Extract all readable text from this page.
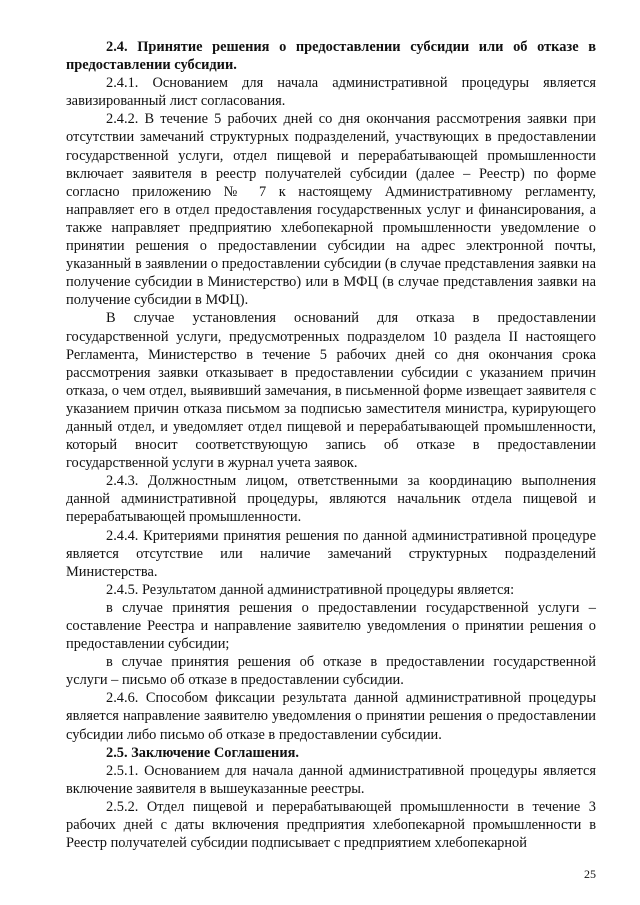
2.4. Принятие решения о предоставлении субсидии или об отказе в предоставлении субсидии.

2.4.1. Основанием для начала административной процедуры является завизированный лист согласования.

2.4.2. В течение 5 рабочих дней со дня окончания рассмотрения заявки при отсутствии замечаний структурных подразделений, участвующих в предоставлении государственной услуги, отдел пищевой и перерабатывающей промышленности включает заявителя в реестр получателей субсидии (далее – Реестр) по форме согласно приложению № 7 к настоящему Административному регламенту, направляет его в отдел предоставления государственных услуг и финансирования, а также направляет предприятию хлебопекарной промышленности уведомление о принятии решения о предоставлении субсидии на адрес электронной почты, указанный в заявлении о предоставлении субсидии (в случае представления заявки на получение субсидии в Министерство) или в МФЦ (в случае представления заявки на получение субсидии в МФЦ).

В случае установления оснований для отказа в предоставлении государственной услуги, предусмотренных подразделом 10 раздела II настоящего Регламента, Министерство в течение 5 рабочих дней со дня окончания срока рассмотрения заявки отказывает в предоставлении субсидии с указанием причин отказа, о чем отдел, выявивший замечания, в письменной форме извещает заявителя с указанием причин отказа письмом за подписью заместителя министра, курирующего данный отдел, и уведомляет отдел пищевой и перерабатывающей промышленности, который вносит соответствующую запись об отказе в предоставлении государственной услуги в журнал учета заявок.

2.4.3. Должностным лицом, ответственными за координацию выполнения данной административной процедуры, являются начальник отдела пищевой и перерабатывающей промышленности.

2.4.4. Критериями принятия решения по данной административной процедуре является отсутствие или наличие замечаний структурных подразделений Министерства.

2.4.5. Результатом данной административной процедуры является:

в случае принятия решения о предоставлении государственной услуги – составление Реестра и направление заявителю уведомления о принятии решения о предоставлении субсидии;

в случае принятия решения об отказе в предоставлении государственной услуги – письмо об отказе в предоставлении субсидии.

2.4.6. Способом фиксации результата данной административной процедуры является направление заявителю уведомления о принятии решения о предоставлении субсидии либо письмо об отказе в предоставлении субсидии.

2.5. Заключение Соглашения.

2.5.1. Основанием для начала данной административной процедуры является включение заявителя в вышеуказанные реестры.

2.5.2. Отдел пищевой и перерабатывающей промышленности в течение 3 рабочих дней с даты включения предприятия хлебопекарной промышленности в Реестр получателей субсидии подписывает с предприятием хлебопекарной

25
